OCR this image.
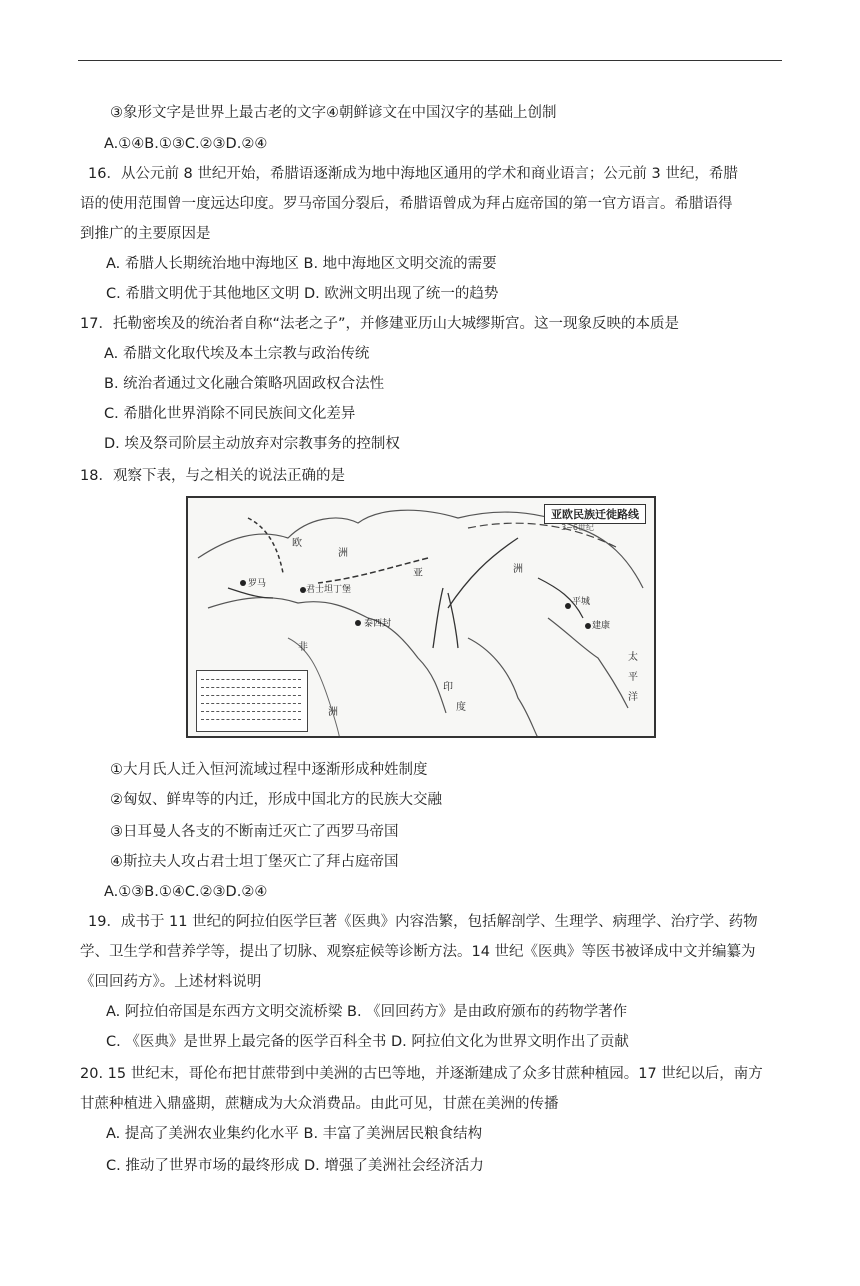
③象形文字是世界上最古老的文字④朝鲜谚文在中国汉字的基础上创制
A.①④B.①③C.②③D.②④
16．从公元前 8 世纪开始，希腊语逐渐成为地中海地区通用的学术和商业语言；公元前 3 世纪，希腊
语的使用范围曾一度远达印度。罗马帝国分裂后，希腊语曾成为拜占庭帝国的第一官方语言。希腊语得
到推广的主要原因是
A. 希腊人长期统治地中海地区 B. 地中海地区文明交流的需要
C. 希腊文明优于其他地区文明 D. 欧洲文明出现了统一的趋势
17．托勒密埃及的统治者自称“法老之子”，并修建亚历山大城缪斯宫。这一现象反映的本质是
A. 希腊文化取代埃及本土宗教与政治传统
B. 统治者通过文化融合策略巩固政权合法性
C. 希腊化世界消除不同民族间文化差异
D. 埃及祭司阶层主动放弃对宗教事务的控制权
18．观察下表，与之相关的说法正确的是
亚欧民族迁徙路线
3~6世纪
欧
洲
君士坦丁堡
亚	洲
非
平城
建康
太
平
洋
泰西封
罗马
洲
印
度
①大月氏人迁入恒河流域过程中逐渐形成种姓制度
②匈奴、鲜卑等的内迁，形成中国北方的民族大交融
③日耳曼人各支的不断南迁灭亡了西罗马帝国
④斯拉夫人攻占君士坦丁堡灭亡了拜占庭帝国
A.①③B.①④C.②③D.②④
19．成书于 11 世纪的阿拉伯医学巨著《医典》内容浩繁，包括解剖学、生理学、病理学、治疗学、药物
学、卫生学和营养学等，提出了切脉、观察症候等诊断方法。14 世纪《医典》等医书被译成中文并编纂为
《回回药方》。上述材料说明
A. 阿拉伯帝国是东西方文明交流桥梁 B. 《回回药方》是由政府颁布的药物学著作
C. 《医典》是世界上最完备的医学百科全书 D. 阿拉伯文化为世界文明作出了贡献
20. 15 世纪末，哥伦布把甘蔗带到中美洲的古巴等地，并逐渐建成了众多甘蔗种植园。17 世纪以后，南方
甘蔗种植进入鼎盛期，蔗糖成为大众消费品。由此可见，甘蔗在美洲的传播
A. 提高了美洲农业集约化水平 B. 丰富了美洲居民粮食结构
C. 推动了世界市场的最终形成 D. 增强了美洲社会经济活力
